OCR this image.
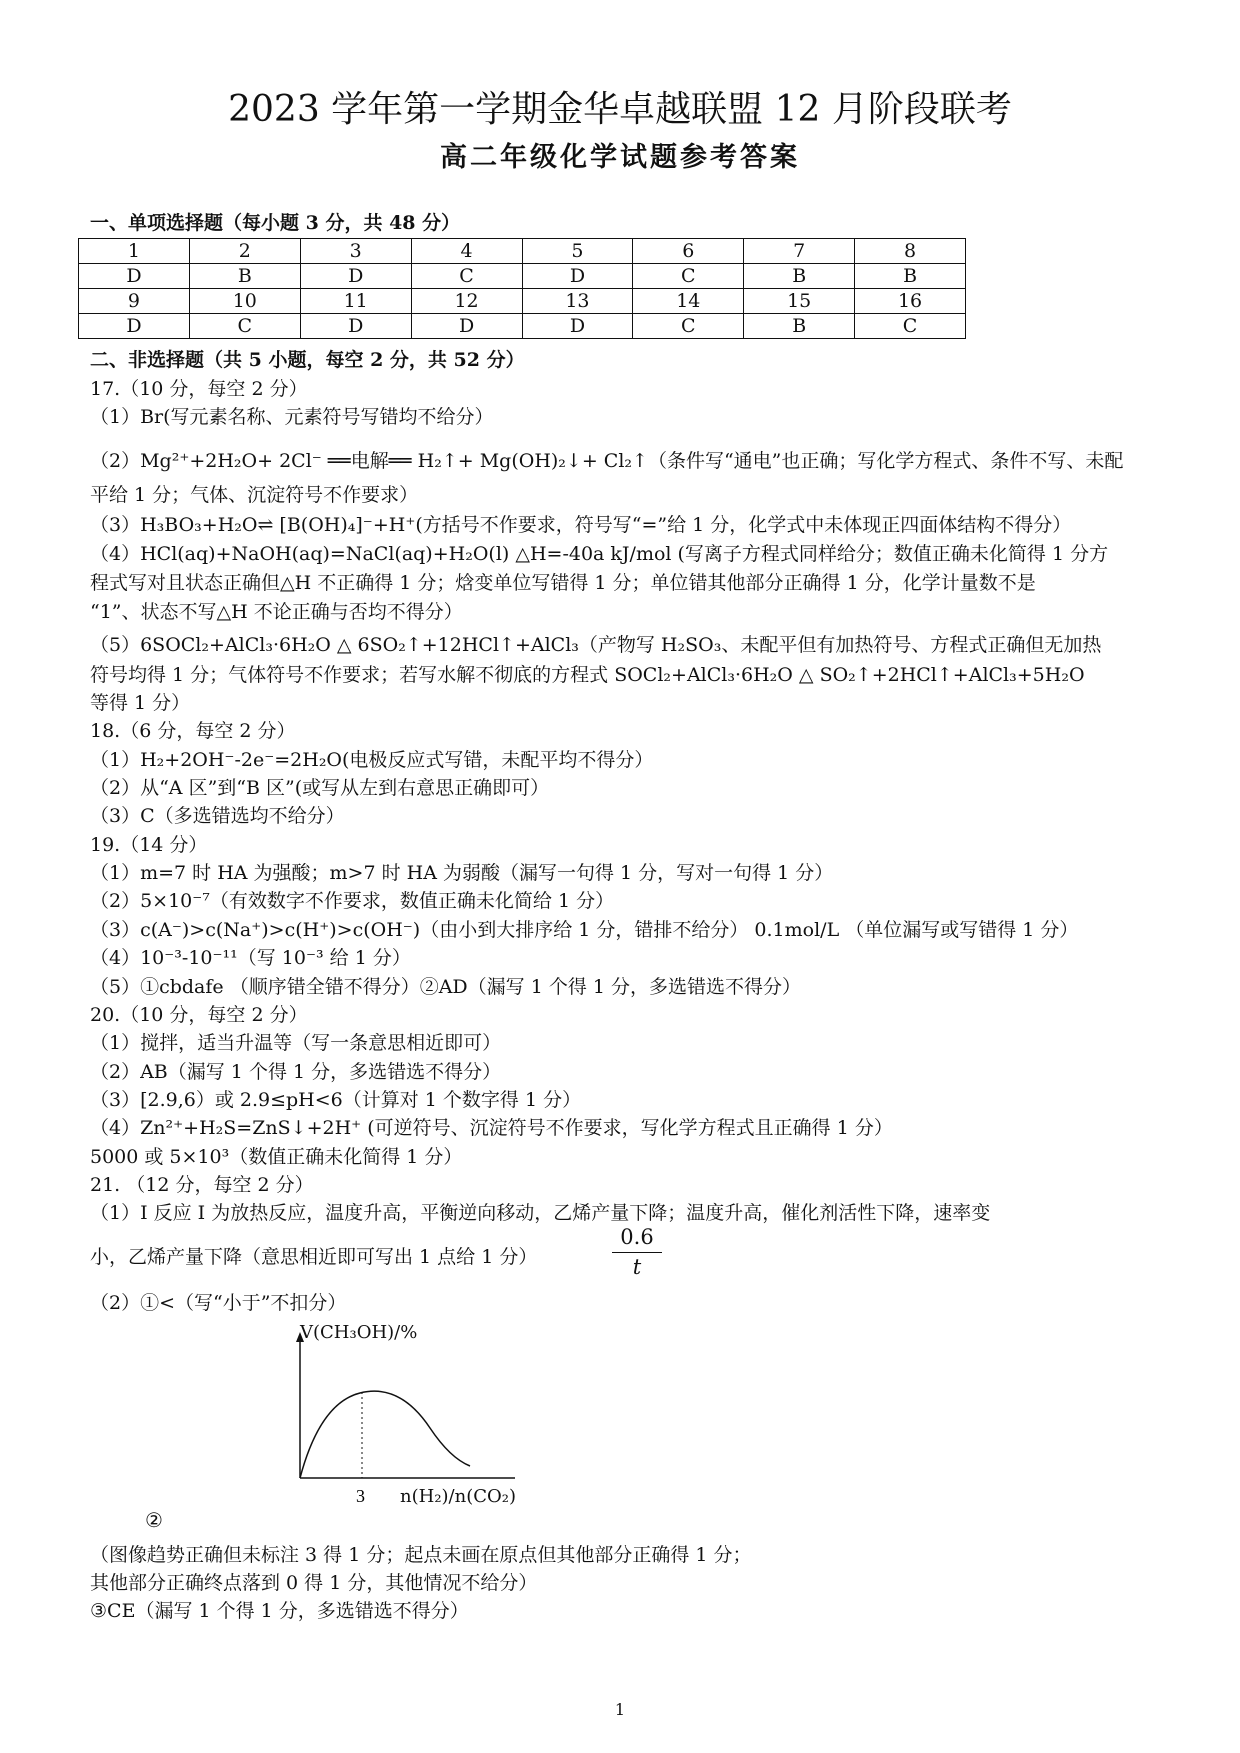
2023 学年第一学期金华卓越联盟 12 月阶段联考
高二年级化学试题参考答案
一、单项选择题（每小题 3 分，共 48 分）
1	2	3	4	5	6	7	8
D	B	D	C	D	C	B	B
9	10	11	12	13	14	15	16
D	C	D	D	D	C	B	C
二、非选择题（共 5 小题，每空 2 分，共 52 分）
17.（10 分，每空 2 分）
（1）Br(写元素名称、元素符号写错均不给分）
（2）Mg²⁺+2H₂O+ 2Cl⁻ ══电解══ H₂↑+ Mg(OH)₂↓+ Cl₂↑（条件写“通电”也正确；写化学方程式、条件不写、未配
平给 1 分；气体、沉淀符号不作要求）
（3）H₃BO₃+H₂O⇌ [B(OH)₄]⁻+H⁺(方括号不作要求，符号写“=”给 1 分，化学式中未体现正四面体结构不得分）
（4）HCl(aq)+NaOH(aq)=NaCl(aq)+H₂O(l) △H=-40a kJ/mol (写离子方程式同样给分；数值正确未化简得 1 分方
程式写对且状态正确但△H 不正确得 1 分；焓变单位写错得 1 分；单位错其他部分正确得 1 分，化学计量数不是
“1”、状态不写△H 不论正确与否均不得分）
（5）6SOCl₂+AlCl₃·6H₂O △ 6SO₂↑+12HCl↑+AlCl₃（产物写 H₂SO₃、未配平但有加热符号、方程式正确但无加热
符号均得 1 分；气体符号不作要求；若写水解不彻底的方程式 SOCl₂+AlCl₃·6H₂O △ SO₂↑+2HCl↑+AlCl₃+5H₂O
等得 1 分）
18.（6 分，每空 2 分）
（1）H₂+2OH⁻-2e⁻=2H₂O(电极反应式写错，未配平均不得分）
（2）从“A 区”到“B 区”(或写从左到右意思正确即可）
（3）C（多选错选均不给分）
19.（14 分）
（1）m=7 时 HA 为强酸；m>7 时 HA 为弱酸（漏写一句得 1 分，写对一句得 1 分）
（2）5×10⁻⁷（有效数字不作要求，数值正确未化简给 1 分）
（3）c(A⁻)>c(Na⁺)>c(H⁺)>c(OH⁻)（由小到大排序给 1 分，错排不给分） 0.1mol/L （单位漏写或写错得 1 分）
（4）10⁻³-10⁻¹¹（写 10⁻³ 给 1 分）
（5）①cbdafe （顺序错全错不得分）②AD（漏写 1 个得 1 分，多选错选不得分）
20.（10 分，每空 2 分）
（1）搅拌，适当升温等（写一条意思相近即可）
（2）AB（漏写 1 个得 1 分，多选错选不得分）
（3）[2.9,6）或 2.9≤pH<6（计算对 1 个数字得 1 分）
（4）Zn²⁺+H₂S=ZnS↓+2H⁺ (可逆符号、沉淀符号不作要求，写化学方程式且正确得 1 分）
5000 或 5×10³（数值正确未化简得 1 分）
21. （12 分，每空 2 分）
（1）I 反应 I 为放热反应，温度升高，平衡逆向移动，乙烯产量下降；温度升高，催化剂活性下降，速率变
小，乙烯产量下降（意思相近即可写出 1 点给 1 分）
（2）①<（写“小于”不扣分）
$\frac{0.6}{t}$
3
V(CH₃OH)/%
n(H₂)/n(CO₂)
②
（图像趋势正确但未标注 3 得 1 分；起点未画在原点但其他部分正确得 1 分；
其他部分正确终点落到 0 得 1 分，其他情况不给分）
③CE（漏写 1 个得 1 分，多选错选不得分）
1
